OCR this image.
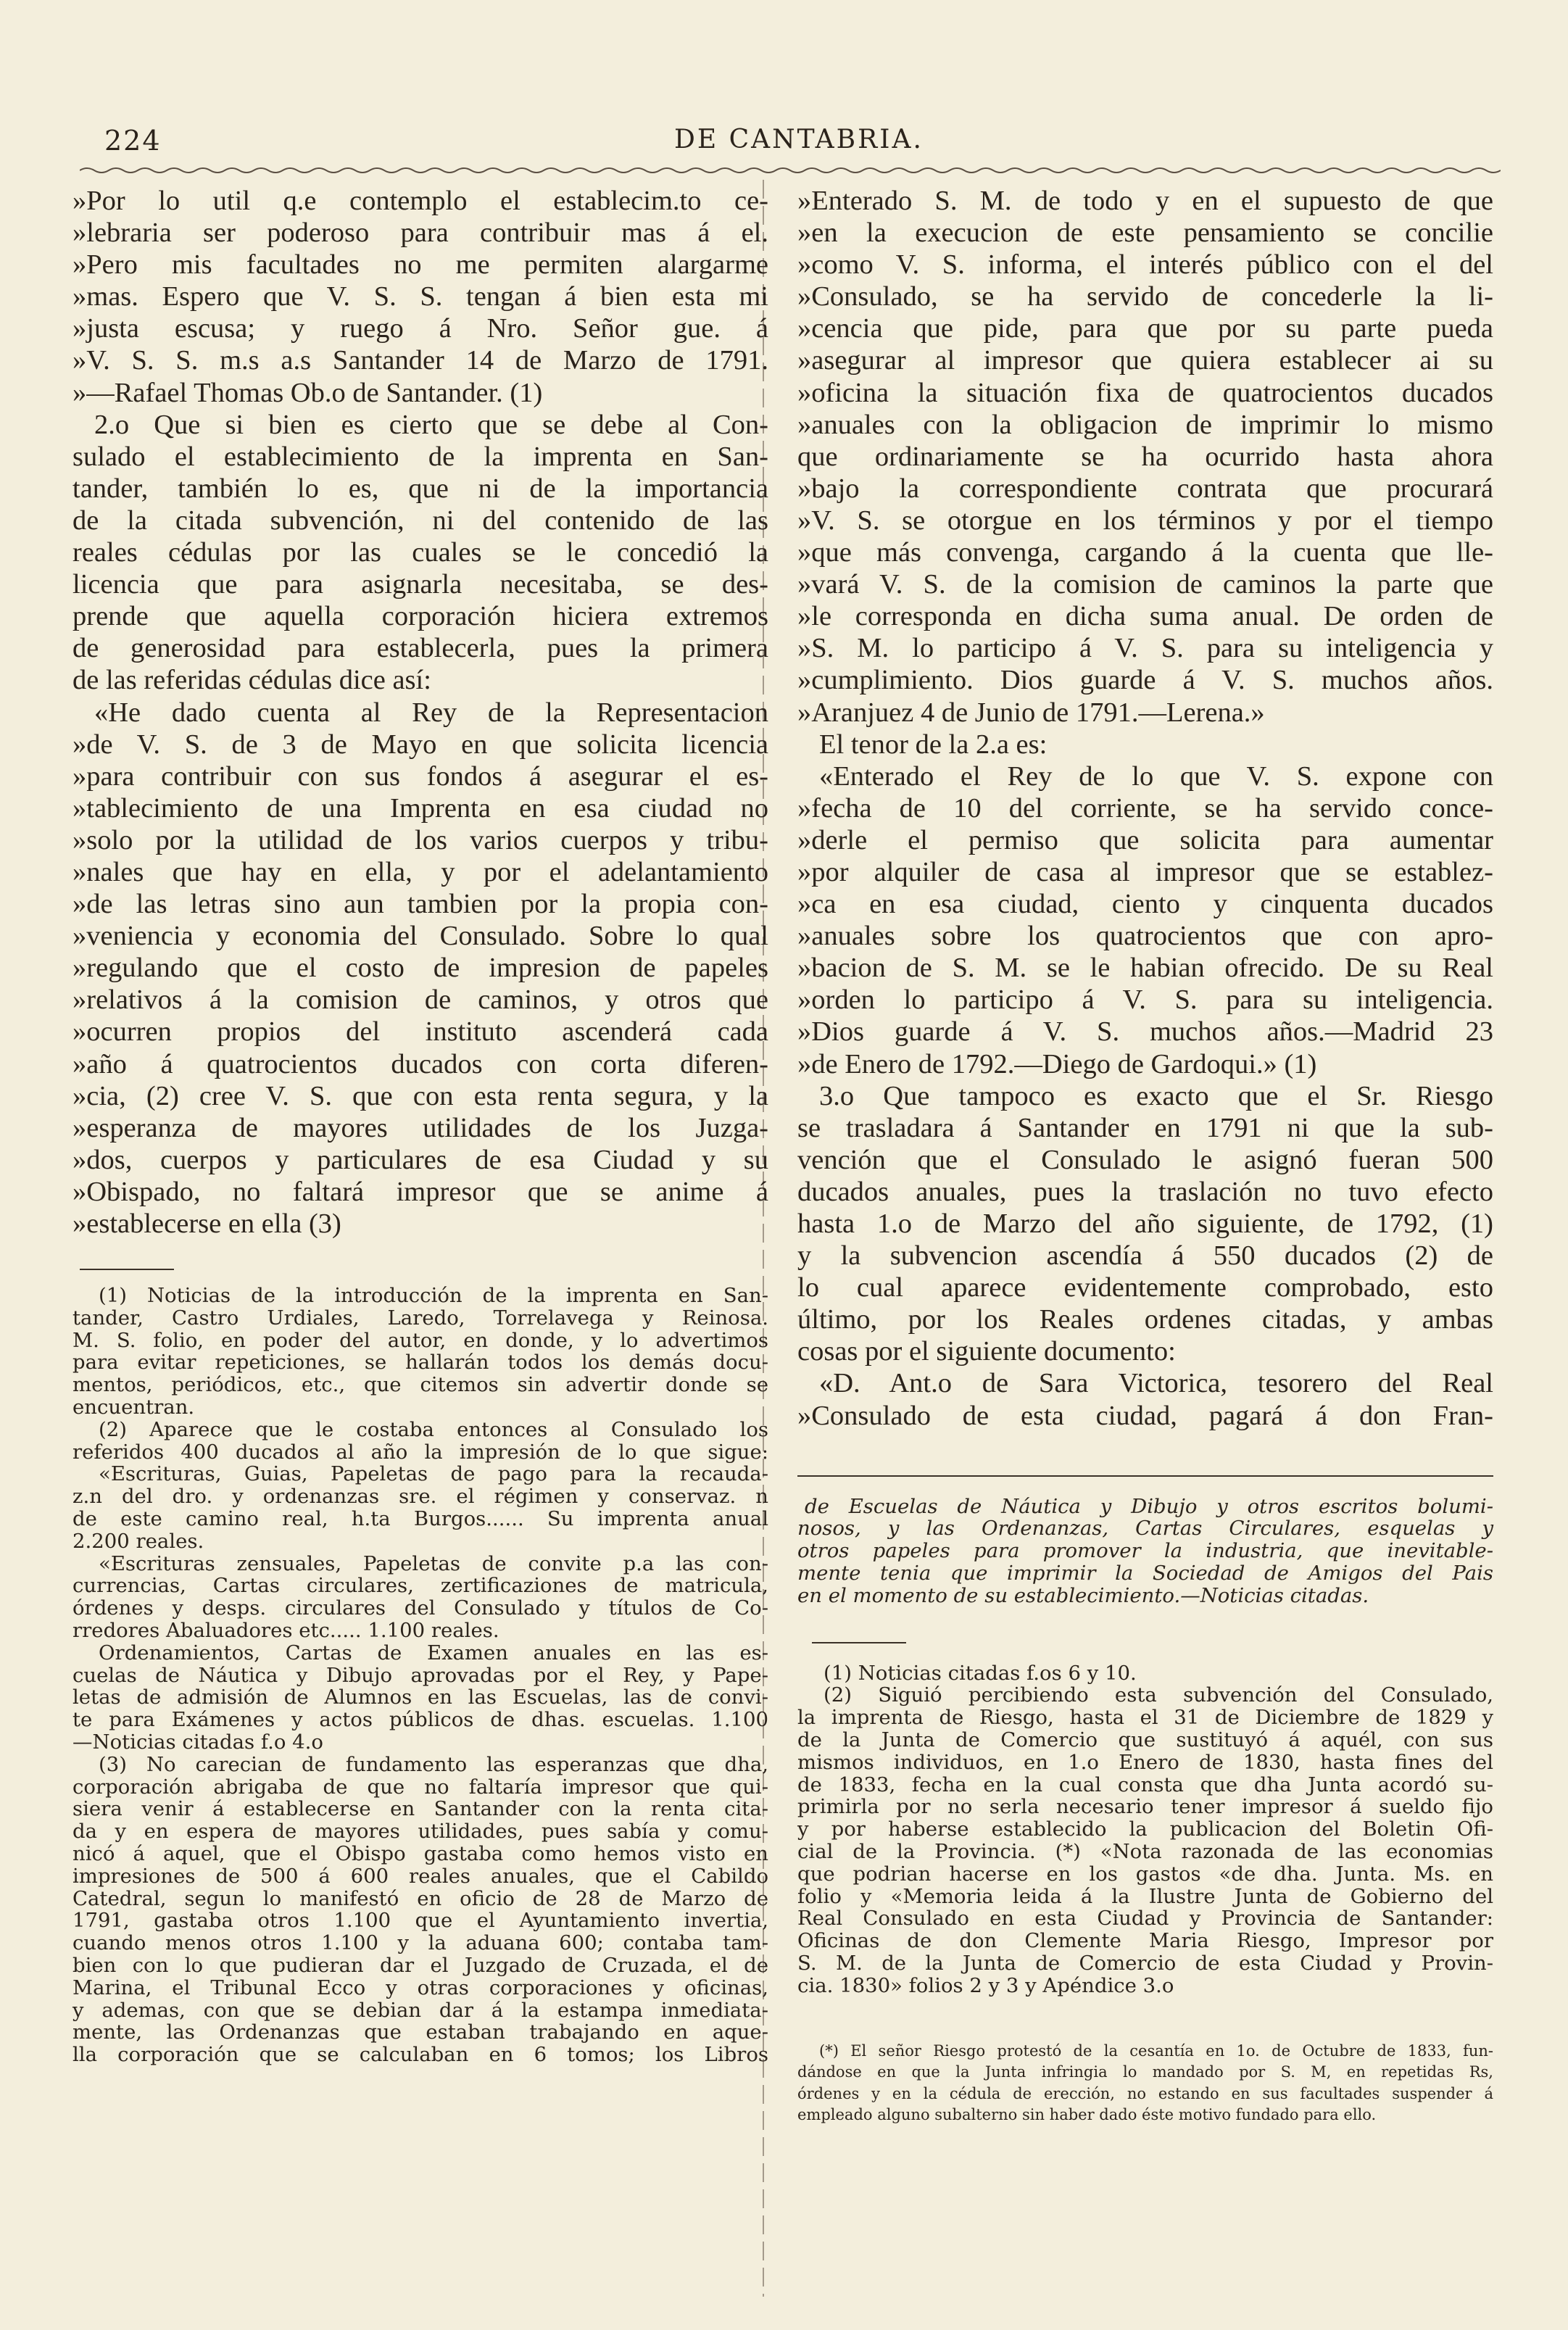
224	DE CANTABRIA.
»Por lo util q.e contemplo el establecim.to ce-
»lebraria ser poderoso para contribuir mas á el.
»Pero mis facultades no me permiten alargarme
»mas. Espero que V. S. S. tengan á bien esta mi
»justa escusa; y ruego á Nro. Señor gue. á
»V. S. S. m.s a.s Santander 14 de Marzo de 1791.
»—Rafael Thomas Ob.o de Santander. (1)
2.o Que si bien es cierto que se debe al Con-
sulado el establecimiento de la imprenta en San-
tander, también lo es, que ni de la importancia
de la citada subvención, ni del contenido de las
reales cédulas por las cuales se le concedió la
licencia que para asignarla necesitaba, se des-
prende que aquella corporación hiciera extremos
de generosidad para establecerla, pues la primera
de las referidas cédulas dice así:
«He dado cuenta al Rey de la Representacion
»de V. S. de 3 de Mayo en que solicita licencia
»para contribuir con sus fondos á asegurar el es-
»tablecimiento de una Imprenta en esa ciudad no
»solo por la utilidad de los varios cuerpos y tribu-
»nales que hay en ella, y por el adelantamiento
»de las letras sino aun tambien por la propia con-
»veniencia y economia del Consulado. Sobre lo qual
»regulando que el costo de impresion de papeles
»relativos á la comision de caminos, y otros que
»ocurren propios del instituto ascenderá cada
»año á quatrocientos ducados con corta diferen-
»cia, (2) cree V. S. que con esta renta segura, y la
»esperanza de mayores utilidades de los Juzga-
»dos, cuerpos y particulares de esa Ciudad y su
»Obispado, no faltará impresor que se anime á
»establecerse en ella (3)
(1) Noticias de la introducción de la imprenta en San-
tander, Castro Urdiales, Laredo, Torrelavega y Reinosa.
M. S. folio, en poder del autor, en donde, y lo advertimos
para evitar repeticiones, se hallarán todos los demás docu-
mentos, periódicos, etc., que citemos sin advertir donde se
encuentran.
(2) Aparece que le costaba entonces al Consulado los
referidos 400 ducados al año la impresión de lo que sigue:
«Escrituras, Guias, Papeletas de pago para la recauda-
z.n del dro. y ordenanzas sre. el régimen y conservaz. n
de este camino real, h.ta Burgos...... Su imprenta anual
2.200 reales.
«Escrituras zensuales, Papeletas de convite p.a las con-
currencias, Cartas circulares, zertificaziones de matricula,
órdenes y desps. circulares del Consulado y títulos de Co-
rredores Abaluadores etc..... 1.100 reales.
Ordenamientos, Cartas de Examen anuales en las es-
cuelas de Náutica y Dibujo aprovadas por el Rey, y Pape-
letas de admisión de Alumnos en las Escuelas, las de convi-
te para Exámenes y actos públicos de dhas. escuelas. 1.100
—Noticias citadas f.o 4.o
(3) No carecian de fundamento las esperanzas que dha,
corporación abrigaba de que no faltaría impresor que qui-
siera venir á establecerse en Santander con la renta cita-
da y en espera de mayores utilidades, pues sabía y comu-
nicó á aquel, que el Obispo gastaba como hemos visto en
impresiones de 500 á 600 reales anuales, que el Cabildo
Catedral, segun lo manifestó en oficio de 28 de Marzo de
1791, gastaba otros 1.100 que el Ayuntamiento invertia,
cuando menos otros 1.100 y la aduana 600; contaba tam-
bien con lo que pudieran dar el Juzgado de Cruzada, el de
Marina, el Tribunal Ecco y otras corporaciones y oficinas,
y ademas, con que se debian dar á la estampa inmediata-
mente, las Ordenanzas que estaban trabajando en aque-
lla corporación que se calculaban en 6 tomos; los Libros
»Enterado S. M. de todo y en el supuesto de que
»en la execucion de este pensamiento se concilie
»como V. S. informa, el interés público con el del
»Consulado, se ha servido de concederle la li-
»cencia que pide, para que por su parte pueda
»asegurar al impresor que quiera establecer ai su
»oficina la situación fixa de quatrocientos ducados
»anuales con la obligacion de imprimir lo mismo
que ordinariamente se ha ocurrido hasta ahora
»bajo la correspondiente contrata que procurará
»V. S. se otorgue en los términos y por el tiempo
»que más convenga, cargando á la cuenta que lle-
»vará V. S. de la comision de caminos la parte que
»le corresponda en dicha suma anual. De orden de
»S. M. lo participo á V. S. para su inteligencia y
»cumplimiento. Dios guarde á V. S. muchos años.
»Aranjuez 4 de Junio de 1791.—Lerena.»
El tenor de la 2.a es:
«Enterado el Rey de lo que V. S. expone con
»fecha de 10 del corriente, se ha servido conce-
»derle el permiso que solicita para aumentar
»por alquiler de casa al impresor que se establez-
»ca en esa ciudad, ciento y cinquenta ducados
»anuales sobre los quatrocientos que con apro-
»bacion de S. M. se le habian ofrecido. De su Real
»orden lo participo á V. S. para su inteligencia.
»Dios guarde á V. S. muchos años.—Madrid 23
»de Enero de 1792.—Diego de Gardoqui.» (1)
3.o Que tampoco es exacto que el Sr. Riesgo
se trasladara á Santander en 1791 ni que la sub-
vención que el Consulado le asignó fueran 500
ducados anuales, pues la traslación no tuvo efecto
hasta 1.o de Marzo del año siguiente, de 1792, (1)
y la subvencion ascendía á 550 ducados (2) de
lo cual aparece evidentemente comprobado, esto
último, por los Reales ordenes citadas, y ambas
cosas por el siguiente documento:
«D. Ant.o de Sara Victorica, tesorero del Real
»Consulado de esta ciudad, pagará á don Fran-
de Escuelas de Náutica y Dibujo y otros escritos bolumi-
nosos, y las Ordenanzas, Cartas Circulares, esquelas y
otros papeles para promover la industria, que inevitable-
mente tenia que imprimir la Sociedad de Amigos del Pais
en el momento de su establecimiento.—Noticias citadas.
(1) Noticias citadas f.os 6 y 10.
(2) Siguió percibiendo esta subvención del Consulado,
la imprenta de Riesgo, hasta el 31 de Diciembre de 1829 y
de la Junta de Comercio que sustituyó á aquél, con sus
mismos individuos, en 1.o Enero de 1830, hasta fines del
de 1833, fecha en la cual consta que dha Junta acordó su-
primirla por no serla necesario tener impresor á sueldo fijo
y por haberse establecido la publicacion del Boletin Ofi-
cial de la Provincia. (*) «Nota razonada de las economias
que podrian hacerse en los gastos «de dha. Junta. Ms. en
folio y «Memoria leida á la Ilustre Junta de Gobierno del
Real Consulado en esta Ciudad y Provincia de Santander:
Oficinas de don Clemente Maria Riesgo, Impresor por
S. M. de la Junta de Comercio de esta Ciudad y Provin-
cia. 1830» folios 2 y 3 y Apéndice 3.o
(*) El señor Riesgo protestó de la cesantía en 1o. de Octubre de 1833, fun-
dándose en que la Junta infringia lo mandado por S. M, en repetidas Rs,
órdenes y en la cédula de erección, no estando en sus facultades suspender á
empleado alguno subalterno sin haber dado éste motivo fundado para ello.
